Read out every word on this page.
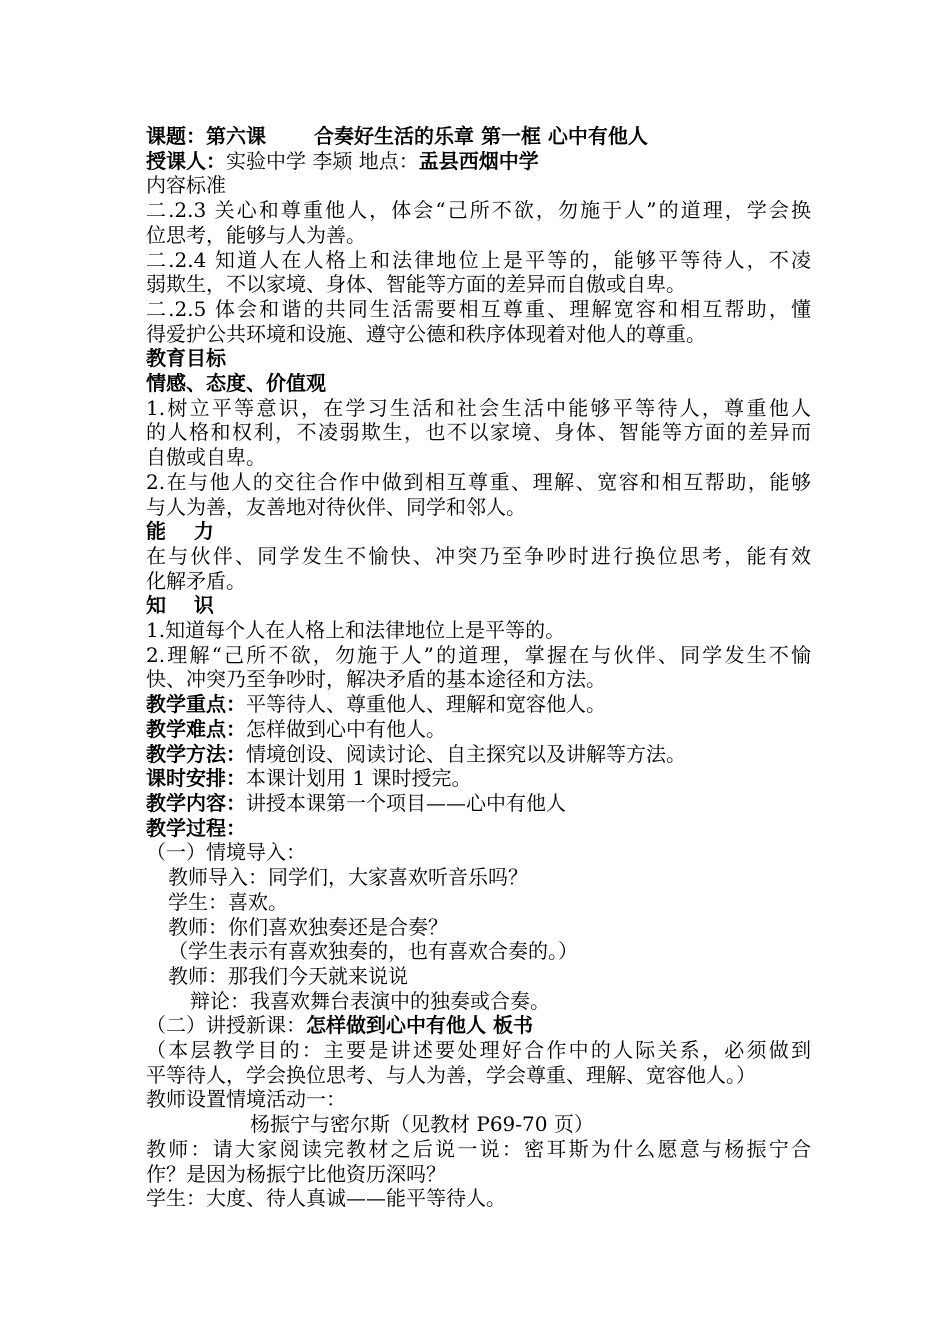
课题：第六课 合奏好生活的乐章 第一框 心中有他人
授课人：实验中学 李颎 地点：盂县西烟中学
内容标准
二.2.3 关心和尊重他人，体会“己所不欲，勿施于人”的道理，学会换
位思考，能够与人为善。
二.2.4 知道人在人格上和法律地位上是平等的，能够平等待人，不凌
弱欺生，不以家境、身体、智能等方面的差异而自傲或自卑。
二.2.5 体会和谐的共同生活需要相互尊重、理解宽容和相互帮助，懂
得爱护公共环境和设施、遵守公德和秩序体现着对他人的尊重。
教育目标
情感、态度、价值观
1.树立平等意识，在学习生活和社会生活中能够平等待人，尊重他人
的人格和权利，不凌弱欺生，也不以家境、身体、智能等方面的差异而
自傲或自卑。
2.在与他人的交往合作中做到相互尊重、理解、宽容和相互帮助，能够
与人为善，友善地对待伙伴、同学和邻人。
能    力
在与伙伴、同学发生不愉快、冲突乃至争吵时进行换位思考，能有效
化解矛盾。
知    识
1.知道每个人在人格上和法律地位上是平等的。
2.理解“己所不欲，勿施于人”的道理，掌握在与伙伴、同学发生不愉
快、冲突乃至争吵时，解决矛盾的基本途径和方法。
教学重点：平等待人、尊重他人、理解和宽容他人。
教学难点：怎样做到心中有他人。
教学方法：情境创设、阅读讨论、自主探究以及讲解等方法。
课时安排：本课计划用 1 课时授完。
教学内容：讲授本课第一个项目——心中有他人
教学过程：
（一）情境导入：
教师导入：同学们，大家喜欢听音乐吗？
学生：喜欢。
教师：你们喜欢独奏还是合奏？
（学生表示有喜欢独奏的，也有喜欢合奏的。）
教师：那我们今天就来说说
辩论：我喜欢舞台表演中的独奏或合奏。
（二）讲授新课：怎样做到心中有他人 板书
（本层教学目的：主要是讲述要处理好合作中的人际关系，必须做到
平等待人，学会换位思考、与人为善，学会尊重、理解、宽容他人。）
教师设置情境活动一：
杨振宁与密尔斯（见教材 P69-70 页）
教师：请大家阅读完教材之后说一说：密耳斯为什么愿意与杨振宁合
作？是因为杨振宁比他资历深吗？
学生：大度、待人真诚——能平等待人。
